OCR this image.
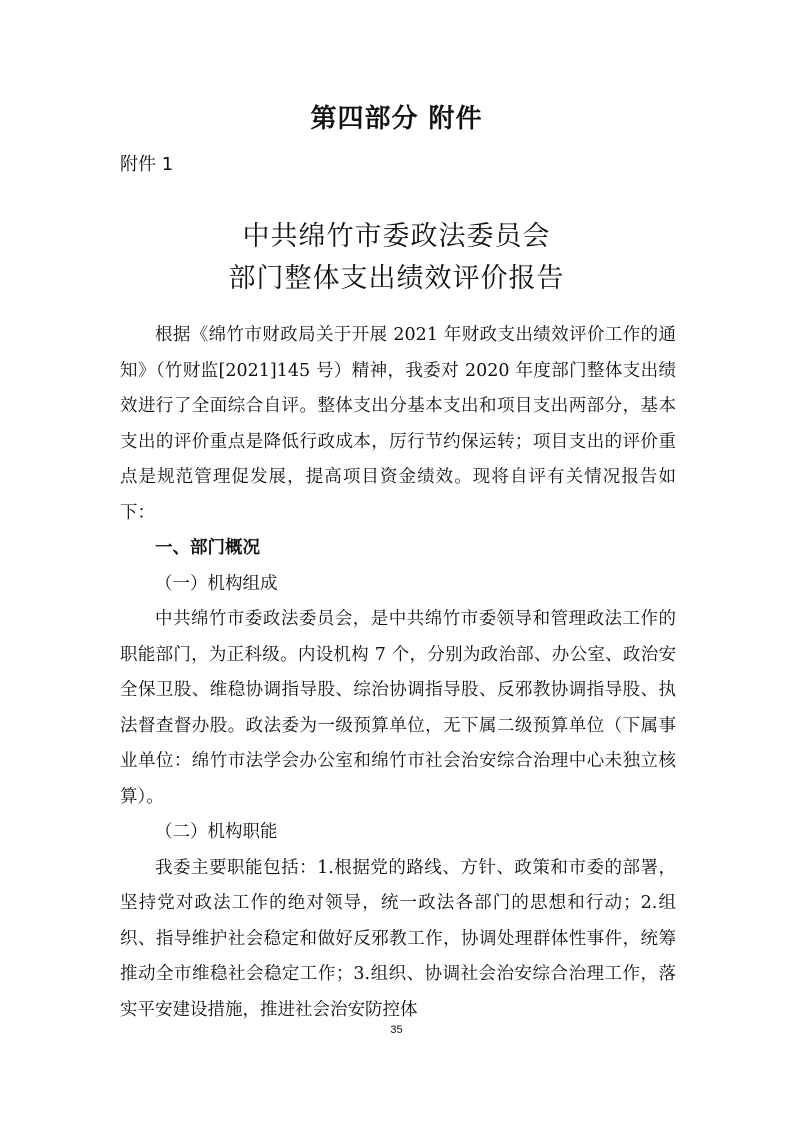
第四部分 附件
附件 1
中共绵竹市委政法委员会
部门整体支出绩效评价报告

根据《绵竹市财政局关于开展 2021 年财政支出绩效评价工作的通知》（竹财监[2021]145 号）精神，我委对 2020 年度部门整体支出绩效进行了全面综合自评。整体支出分基本支出和项目支出两部分，基本支出的评价重点是降低行政成本，厉行节约保运转；项目支出的评价重点是规范管理促发展，提高项目资金绩效。现将自评有关情况报告如下：

一、部门概况

（一）机构组成

中共绵竹市委政法委员会，是中共绵竹市委领导和管理政法工作的职能部门，为正科级。内设机构 7 个，分别为政治部、办公室、政治安全保卫股、维稳协调指导股、综治协调指导股、反邪教协调指导股、执法督查督办股。政法委为一级预算单位，无下属二级预算单位（下属事业单位：绵竹市法学会办公室和绵竹市社会治安综合治理中心未独立核算）。

（二）机构职能

我委主要职能包括：1.根据党的路线、方针、政策和市委的部署，坚持党对政法工作的绝对领导，统一政法各部门的思想和行动；2.组织、指导维护社会稳定和做好反邪教工作，协调处理群体性事件，统筹推动全市维稳社会稳定工作；3.组织、协调社会治安综合治理工作，落实平安建设措施，推进社会治安防控体

35
